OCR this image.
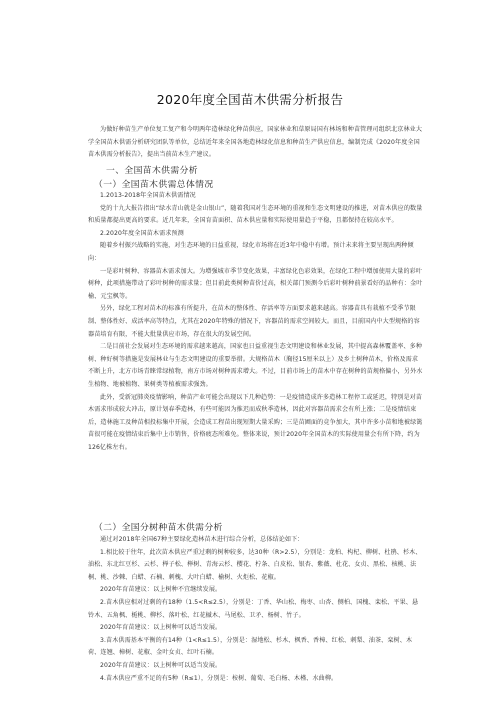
2020年度全国苗木供需分析报告

为做好种苗生产单位复工复产和今明两年造林绿化种苗供应，国家林业和草原局国有林场和种苗管理司组织北京林业大学全国苗木供需分析研究团队等单位，总结近年来全国各地造林绿化信息和种苗生产供应信息，编制完成《2020年度全国苗木供需分析报告》，提出当前苗木生产建议。

一、全国苗木供需分析
（一）全国苗木供需总体情况

1.2013-2018年全国苗木供需情况

党的十九大报告指出“绿水青山就是金山银山”，随着我国对生态环境的重视和生态文明建设的推进，对苗木供应的数量和质量都提出更高的要求。近几年来，全国育苗面积、苗木供应量和实际使用量趋于平稳，且都保持在较高水平。

2.2020年度全国苗木需求预测

随着乡村振兴战略的实施，对生态环境的日益重视，绿化市场将在近3年中稳中有增。预计未来将主要呈现出两种倾向：

一是彩叶树种、容器苗木需求加大。为增强城市季节变化效果，丰富绿化色彩效果，在绿化工程中增加使用大量的彩叶树种，此项措施带动了彩叶树种的需求量；但目前此类树种苗价过高，相关部门预测今后彩叶树种前景看好的品种有：金叶榆、元宝枫等。

另外，绿化工程对苗木的标准有所提升，在苗木的整体性、存活率等方面要求越来越高。容器苗具有栽植不受季节限制、整体性好、成活率高等特点，尤其在2020年特殊的情况下，容器苗的需求空间较大。而且，目前国内中大型规格的容器苗培育有限，不能大批量供应市场，存在很大的发展空间。

二是目前社会发展对生态环境的需求越来越高，国家也日益重视生态文明建设和林业发展，其中提高森林覆盖率、多种树、种好树等措施是发展林业与生态文明建设的重要举措。大规格苗木（胸径15厘米以上）及乡土树种苗木，价格及需求不断上升，北方市场青睐常绿植物，南方市场对树种需求增大。不过，目前市场上的苗木中存在树种的苗规格偏小，另外水生植物、地被植物、果树类等植被需求强劲。

此外，受新冠肺炎疫情影响，种苗产业可能会出现以下几种趋势：一是疫情造成许多造林工程停工或延迟，特别是对苗木需求形成较大冲击，原计划春季造林，有些可能因为推迟而成秋季造林，因此对容器苗需求会有所上涨；二是疫情结束后，造林施工及种苗相投标集中开展，会造成工程苗出现短期大量采购；三是苗圃面的竞争加大，其中许多小苗和地被绿篱苗很可能在疫情结束后集中上市销售，价格疲态所难免。整体来说，预计2020年全国苗木的实际使用量会有所下降，约为126亿株左右。

（二）全国分树种苗木供需分析

通过对2018年全国67种主要绿化造林苗木进行综合分析，总体结论如下：

1.相比较于往年，此次苗木供应严重过剩的树种较多，达30种（R>2.5），分别是：龙柏、构杞、柳树、杜鹃、杉木、油松、东北红豆杉、云杉、榉子松、榉树、青海云杉、樱花、柠条、白皮松、银杏、紫薇、杜花、女贞、黑松、核桃、法桐、桃、沙棘、白蜡、石楠、刺槐、大叶白蜡、榆树、火炬松、花椒。

2020年育苗建议：以上树种不宜继续发展。

2.苗木供应相对过剩的有18种（1.5<R≤2.5），分别是：丁香、华山松、梅枣、山杏、侧柏、国槐、栾松、平果、悬铃木、五角枫、栀桃、柳杉、落叶松、红花槭木、马尾松、卫矛、杨树、竹子。

2020年育苗建议：以上树种可以适当发展。

3.苗木供需基本平衡的有14种（1<R≤1.5），分别是：湿地松、杉木、枫香、香樟、红松、刺梨、油茶、栾树、木荷、连翘、樟树、花椒、金叶女贞、红叶石楠。

2020年育苗建议：以上树种可以适当发展。

4.苗木供应严重不足的有5种（R≤1），分别是：桉树、葡萄、毛白杨、木槿、水曲柳。
